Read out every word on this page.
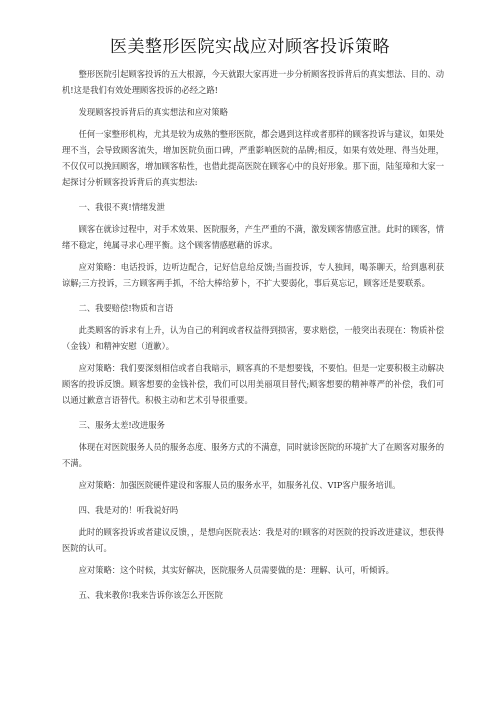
医美整形医院实战应对顾客投诉策略

整形医院引起顾客投诉的五大根源，今天就跟大家再进一步分析顾客投诉背后的真实想法、目的、动机!这是我们有效处理顾客投诉的必经之路!

发现顾客投诉背后的真实想法和应对策略

任何一家整形机构，尤其是较为成熟的整形医院，都会遇到这样或者那样的顾客投诉与建议，如果处理不当，会导致顾客流失，增加医院负面口碑，严重影响医院的品牌;相反，如果有效处理、得当处理，不仅仅可以挽回顾客，增加顾客粘性，也借此提高医院在顾客心中的良好形象。那下面，陆玺璋和大家一起探讨分析顾客投诉背后的真实想法:

一、我很不爽!情绪发泄

顾客在就诊过程中，对手术效果、医院服务，产生严重的不满，激发顾客情感宣泄。此时的顾客，情绪不稳定，纯属寻求心理平衡。这个顾客情感慰藉的诉求。

应对策略：电话投诉，边听边配合，记好信息给反馈;当面投诉，专人独间，喝茶聊天，给到惠利获谅解;三方投诉，三方顾客两手抓，不给大棒给萝卜，不扩大要弱化，事后莫忘记，顾客还是要联系。

二、我要赔偿!物质和言语

此类顾客的诉求有上升，认为自己的利润或者权益得到损害，要求赔偿，一般突出表现在：物质补偿（金钱）和精神安慰（道歉）。

应对策略：我们要深刻相信或者自我暗示，顾客真的不是想要钱，不要怕。但是一定要积极主动解决顾客的投诉反馈。顾客想要的金钱补偿，我们可以用美丽项目替代;顾客想要的精神尊严的补偿，我们可以通过歉意言语替代。积极主动和艺术引导很重要。

三、服务太差!改进服务

体现在对医院服务人员的服务态度、服务方式的不满意，同时就诊医院的环境扩大了在顾客对服务的不满。

应对策略：加强医院硬件建设和客服人员的服务水平，如服务礼仪、VIP客户服务培训。

四、我是对的！听我说好吗

此时的顾客投诉或者建议反馈，，是想向医院表达：我是对的!顾客的对医院的投诉改进建议，想获得医院的认可。

应对策略：这个时候，其实好解决，医院服务人员需要做的是：理解、认可，听倾诉。

五、我来教你!我来告诉你该怎么开医院
